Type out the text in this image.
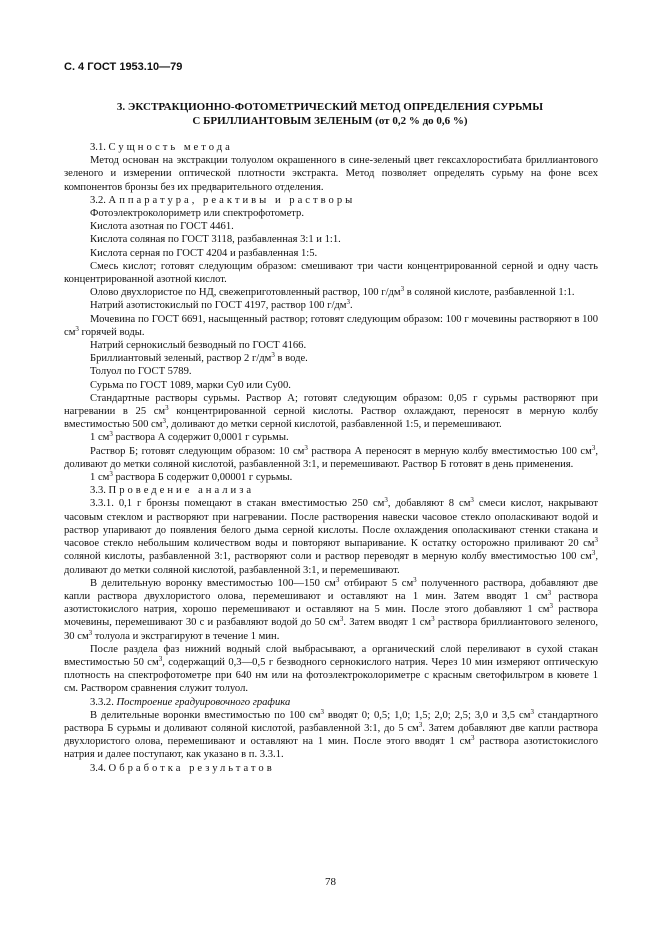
С. 4 ГОСТ 1953.10—79
3. ЭКСТРАКЦИОННО-ФОТОМЕТРИЧЕСКИЙ МЕТОД ОПРЕДЕЛЕНИЯ СУРЬМЫ
С БРИЛЛИАНТОВЫМ ЗЕЛЕНЫМ (от 0,2 % до 0,6 %)

3.1. Сущность метода

Метод основан на экстракции толуолом окрашенного в сине-зеленый цвет гексахлоростибата бриллиантового зеленого и измерении оптической плотности экстракта. Метод позволяет определять сурьму на фоне всех компонентов бронзы без их предварительного отделения.

3.2. Аппаратура, реактивы и растворы

Фотоэлектроколориметр или спектрофотометр.

Кислота азотная по ГОСТ 4461.

Кислота соляная по ГОСТ 3118, разбавленная 3:1 и 1:1.

Кислота серная по ГОСТ 4204 и разбавленная 1:5.

Смесь кислот; готовят следующим образом: смешивают три части концентрированной серной и одну часть концентрированной азотной кислот.

Олово двухлористое по НД, свежеприготовленный раствор, 100 $г/дм^3$ в соляной кислоте, разбавленной 1:1.

Натрий азотистокислый по ГОСТ 4197, раствор 100 $г/дм^3$.

Мочевина по ГОСТ 6691, насыщенный раствор; готовят следующим образом: 100 г мочевины растворяют в 100 $см^3$ горячей воды.

Натрий сернокислый безводный по ГОСТ 4166.

Бриллиантовый зеленый, раствор 2 $г/дм^3$ в воде.

Толуол по ГОСТ 5789.

Сурьма по ГОСТ 1089, марки Су0 или Су00.

Стандартные растворы сурьмы. Раствор А; готовят следующим образом: 0,05 г сурьмы растворяют при нагревании в 25 $см^3$ концентрированной серной кислоты. Раствор охлаждают, переносят в мерную колбу вместимостью 500 $см^3$, доливают до метки серной кислотой, разбавленной 1:5, и перемешивают.

1 $см^3$ раствора А содержит 0,0001 г сурьмы.

Раствор Б; готовят следующим образом: 10 $см^3$ раствора А переносят в мерную колбу вместимостью 100 $см^3$, доливают до метки соляной кислотой, разбавленной 3:1, и перемешивают. Раствор Б готовят в день применения.

1 $см^3$ раствора Б содержит 0,00001 г сурьмы.

3.3. Проведение анализа

3.3.1. 0,1 г бронзы помещают в стакан вместимостью 250 $см^3$, добавляют 8 $см^3$ смеси кислот, накрывают часовым стеклом и растворяют при нагревании. После растворения навески часовое стекло ополаскивают водой и раствор упаривают до появления белого дыма серной кислоты. После охлаждения ополаскивают стенки стакана и часовое стекло небольшим количеством воды и повторяют выпаривание. К остатку осторожно приливают 20 $см^3$ соляной кислоты, разбавленной 3:1, растворяют соли и раствор переводят в мерную колбу вместимостью 100 $см^3$, доливают до метки соляной кислотой, разбавленной 3:1, и перемешивают.

В делительную воронку вместимостью 100—150 $см^3$ отбирают 5 $см^3$ полученного раствора, добавляют две капли раствора двухлористого олова, перемешивают и оставляют на 1 мин. Затем вводят 1 $см^3$ раствора азотистокислого натрия, хорошо перемешивают и оставляют на 5 мин. После этого добавляют 1 $см^3$ раствора мочевины, перемешивают 30 с и разбавляют водой до 50 $см^3$. Затем вводят 1 $см^3$ раствора бриллиантового зеленого, 30 $см^3$ толуола и экстрагируют в течение 1 мин.

После раздела фаз нижний водный слой выбрасывают, а органический слой переливают в сухой стакан вместимостью 50 $см^3$, содержащий 0,3—0,5 г безводного сернокислого натрия. Через 10 мин измеряют оптическую плотность на спектрофотометре при 640 нм или на фотоэлектроколориметре с красным светофильтром в кювете 1 см. Раствором сравнения служит толуол.

3.3.2. Построение градуировочного графика

В делительные воронки вместимостью по 100 $см^3$ вводят 0; 0,5; 1,0; 1,5; 2,0; 2,5; 3,0 и 3,5 $см^3$ стандартного раствора Б сурьмы и доливают соляной кислотой, разбавленной 3:1, до 5 $см^3$. Затем добавляют две капли раствора двухлористого олова, перемешивают и оставляют на 1 мин. После этого вводят 1 $см^3$ раствора азотистокислого натрия и далее поступают, как указано в п. 3.3.1.

3.4. Обработка результатов

78
